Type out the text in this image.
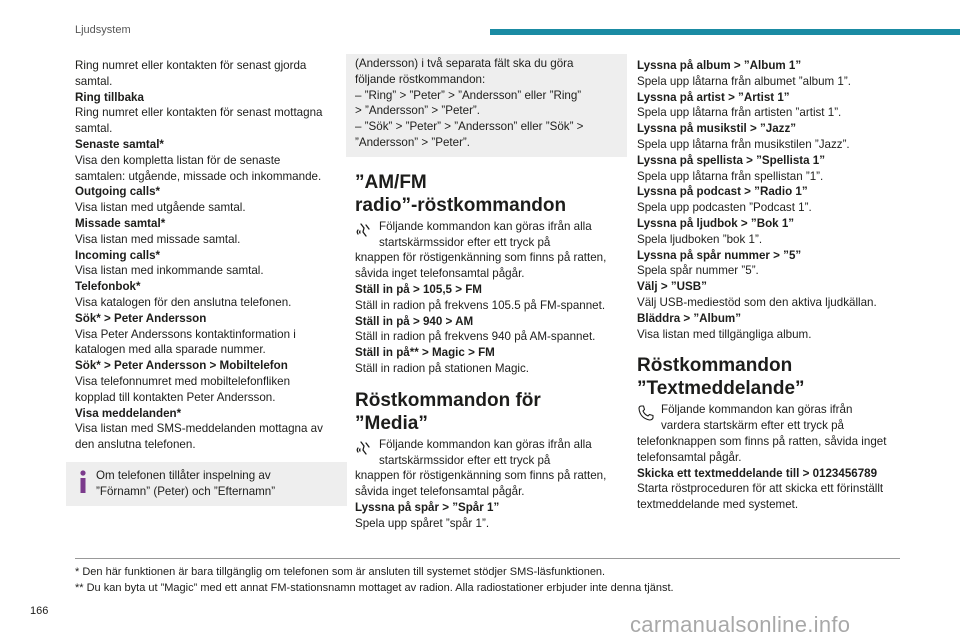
Ljudsystem
Ring numret eller kontakten för senast gjorda
samtal.
Ring tillbaka
Ring numret eller kontakten för senast mottagna
samtal.
Senaste samtal*
Visa den kompletta listan för de senaste
samtalen: utgående, missade och inkommande.
Outgoing calls*
Visa listan med utgående samtal.
Missade samtal*
Visa listan med missade samtal.
Incoming calls*
Visa listan med inkommande samtal.
Telefonbok*
Visa katalogen för den anslutna telefonen.
Sök* > Peter Andersson
Visa Peter Anderssons kontaktinformation i
katalogen med alla sparade nummer.
Sök* > Peter Andersson > Mobiltelefon
Visa telefonnumret med mobiltelefonfliken
kopplad till kontakten Peter Andersson.
Visa meddelanden*
Visa listan med SMS-meddelanden mottagna av
den anslutna telefonen.
Om telefonen tillåter inspelning av
”Förnamn” (Peter) och ”Efternamn”
(Andersson) i två separata fält ska du göra
följande röstkommandon:
– ”Ring” > ”Peter” > ”Andersson” eller ”Ring”
> ”Andersson” > ”Peter”.
– ”Sök” > ”Peter” > ”Andersson” eller ”Sök” >
”Andersson” > ”Peter”.
”AM/FM
radio”-röstkommandon
Följande kommandon kan göras ifrån alla
startskärmssidor efter ett tryck på
knappen för röstigenkänning som finns på ratten,
såvida inget telefonsamtal pågår.
Ställ in på > 105,5 > FM
Ställ in radion på frekvens 105.5 på FM-spannet.
Ställ in på > 940 > AM
Ställ in radion på frekvens 940 på AM-spannet.
Ställ in på** > Magic > FM
Ställ in radion på stationen Magic.
Röstkommandon för
”Media”
Följande kommandon kan göras ifrån alla
startskärmssidor efter ett tryck på
knappen för röstigenkänning som finns på ratten,
såvida inget telefonsamtal pågår.
Lyssna på spår > ”Spår 1”
Spela upp spåret ”spår 1”.
Lyssna på album > ”Album 1”
Spela upp låtarna från albumet ”album 1”.
Lyssna på artist > ”Artist 1”
Spela upp låtarna från artisten ”artist 1”.
Lyssna på musikstil > ”Jazz”
Spela upp låtarna från musikstilen ”Jazz”.
Lyssna på spellista > ”Spellista 1”
Spela upp låtarna från spellistan ”1”.
Lyssna på podcast > ”Radio 1”
Spela upp podcasten ”Podcast 1”.
Lyssna på ljudbok > ”Bok 1”
Spela ljudboken ”bok 1”.
Lyssna på spår nummer > ”5”
Spela spår nummer ”5”.
Välj > ”USB”
Välj USB-mediestöd som den aktiva ljudkällan.
Bläddra > ”Album”
Visa listan med tillgängliga album.
Röstkommandon
”Textmeddelande”
Följande kommandon kan göras ifrån
vardera startskärm efter ett tryck på
telefonknappen som finns på ratten, såvida inget
telefonsamtal pågår.
Skicka ett textmeddelande till > 0123456789
Starta röstproceduren för att skicka ett förinställt
textmeddelande med systemet.
* Den här funktionen är bara tillgänglig om telefonen som är ansluten till systemet stödjer SMS-läsfunktionen.
** Du kan byta ut ”Magic” med ett annat FM-stationsnamn mottaget av radion. Alla radiostationer erbjuder inte denna tjänst.
166
carmanualsonline.info
